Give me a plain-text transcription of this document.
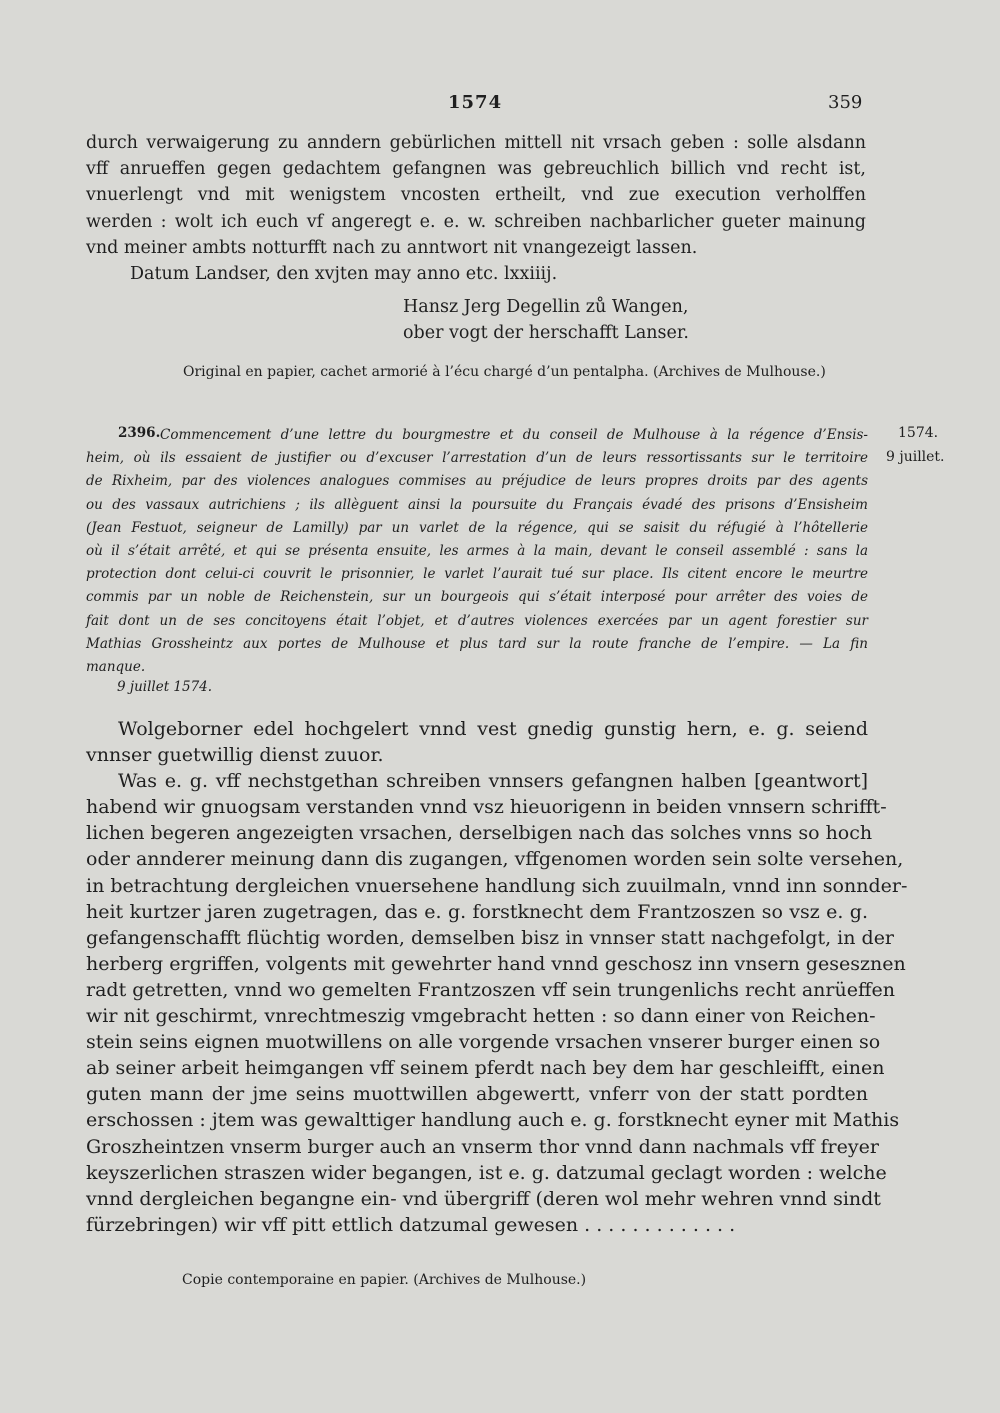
1574	359
durch verwaigerung zu anndern gebürlichen mittell nit vrsach geben : solle alsdann
vff anrueffen gegen gedachtem gefangnen was gebreuchlich billich vnd recht ist,
vnuerlengt vnd mit wenigstem vncosten ertheilt, vnd zue execution verholffen
werden : wolt ich euch vf angeregt e. e. w. schreiben nachbarlicher gueter mainung
vnd meiner ambts notturfft nach zu anntwort nit vnangezeigt lassen.
Datum Landser, den xvjten may anno etc. lxxiiij.
Hansz Jerg Degellin zů Wangen,
ober vogt der herschafft Lanser.
Original en papier, cachet armorié à l’écu chargé d’un pentalpha. (Archives de Mulhouse.)
Commencement d’une lettre du bourgmestre et du conseil de Mulhouse à la régence d’Ensis-
heim, où ils essaient de justifier ou d’excuser l’arrestation d’un de leurs ressortissants sur le territoire
de Rixheim, par des violences analogues commises au préjudice de leurs propres droits par des agents
ou des vassaux autrichiens ; ils allèguent ainsi la poursuite du Français évadé des prisons d’Ensisheim
(Jean Festuot, seigneur de Lamilly) par un varlet de la régence, qui se saisit du réfugié à l’hôtellerie
où il s’était arrêté, et qui se présenta ensuite, les armes à la main, devant le conseil assemblé : sans la
protection dont celui-ci couvrit le prisonnier, le varlet l’aurait tué sur place. Ils citent encore le meurtre
commis par un noble de Reichenstein, sur un bourgeois qui s’était interposé pour arrêter des voies de
fait dont un de ses concitoyens était l’objet, et d’autres violences exercées par un agent forestier sur
Mathias Grossheintz aux portes de Mulhouse et plus tard sur la route franche de l’empire. — La fin
manque.
2396.	1574.
9 juillet.
9 juillet 1574.
Wolgeborner edel hochgelert vnnd vest gnedig gunstig hern, e. g. seiend
vnnser guetwillig dienst zuuor.
Was e. g. vff nechstgethan schreiben vnnsers gefangnen halben [geantwort]
habend wir gnuogsam verstanden vnnd vsz hieuorigenn in beiden vnnsern schrifft-
lichen begeren angezeigten vrsachen, derselbigen nach das solches vnns so hoch
oder annderer meinung dann dis zugangen, vffgenomen worden sein solte versehen,
in betrachtung dergleichen vnuersehene handlung sich zuuilmaln, vnnd inn sonnder-
heit kurtzer jaren zugetragen, das e. g. forstknecht dem Frantzoszen so vsz e. g.
gefangenschafft flüchtig worden, demselben bisz in vnnser statt nachgefolgt, in der
herberg ergriffen, volgents mit gewehrter hand vnnd geschosz inn vnsern gesesznen
radt getretten, vnnd wo gemelten Frantzoszen vff sein trungenlichs recht anrüeffen
wir nit geschirmt, vnrechtmeszig vmgebracht hetten : so dann einer von Reichen-
stein seins eignen muotwillens on alle vorgende vrsachen vnserer burger einen so
ab seiner arbeit heimgangen vff seinem pferdt nach bey dem har geschleifft, einen
guten mann der jme seins muottwillen abgewertt, vnferr von der statt pordten
erschossen : jtem was gewalttiger handlung auch e. g. forstknecht eyner mit Mathis
Groszheintzen vnserm burger auch an vnserm thor vnnd dann nachmals vff freyer
keyszerlichen straszen wider begangen, ist e. g. datzumal geclagt worden : welche
vnnd dergleichen begangne ein- vnd übergriff (deren wol mehr wehren vnnd sindt
fürzebringen) wir vff pitt ettlich datzumal gewesen . . . . . . . . . . . . .
Copie contemporaine en papier. (Archives de Mulhouse.)
